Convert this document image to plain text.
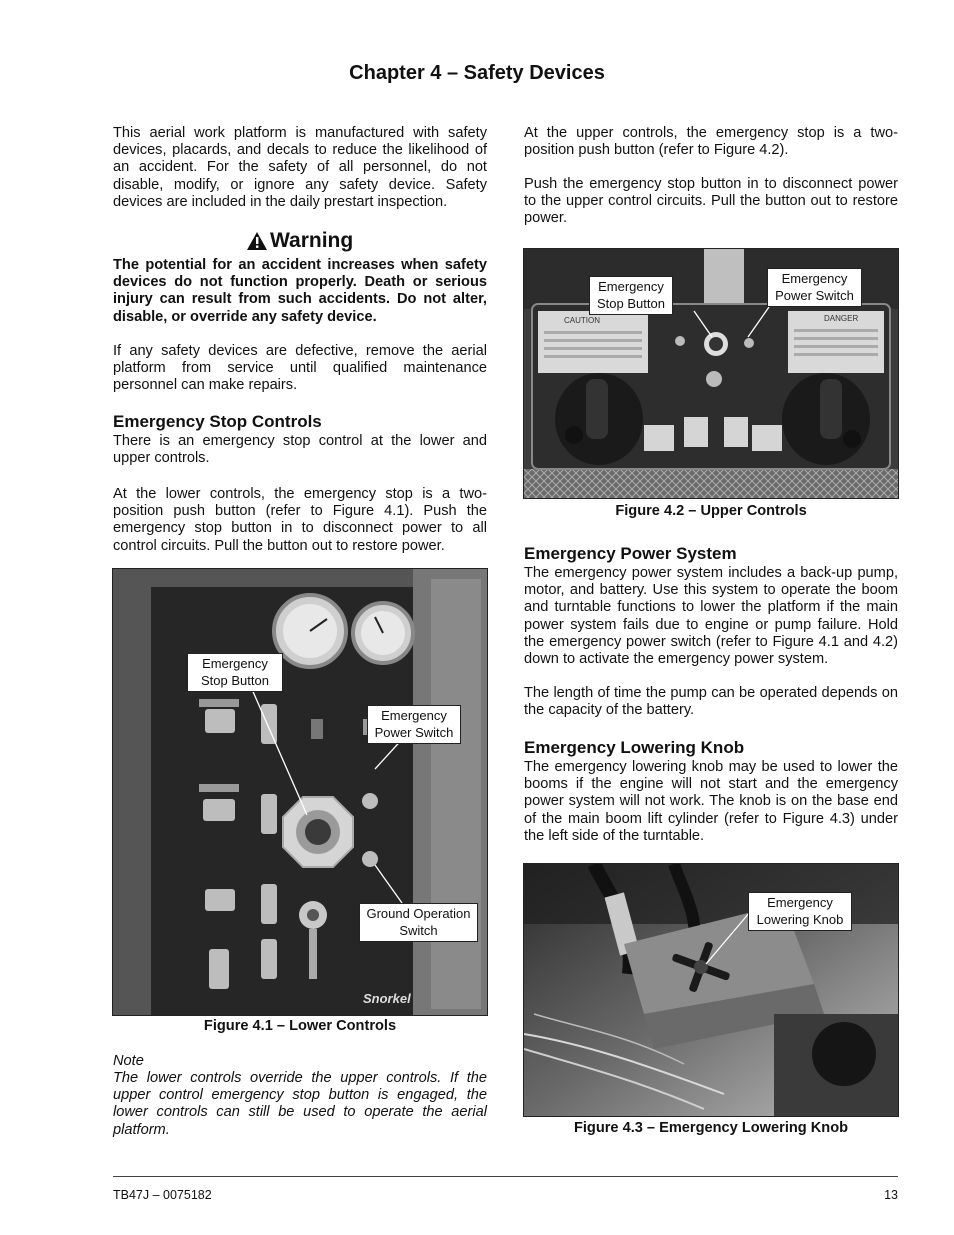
Chapter 4 – Safety Devices

This aerial work platform is manufactured with safety devices, placards, and decals to reduce the likelihood of an accident. For the safety of all personnel, do not disable, modify, or ignore any safety device. Safety devices are included in the daily prestart inspection.

Warning

The potential for an accident increases when safety devices do not function properly. Death or serious injury can result from such accidents. Do not alter, disable, or override any safety device.

If any safety devices are defective, remove the aerial platform from service until qualified maintenance personnel can make repairs.

Emergency Stop Controls

There is an emergency stop control at the lower and upper controls.

At the lower controls, the emergency stop is a two-position push button (refer to Figure 4.1). Push the emergency stop button in to disconnect power to all control circuits. Pull the button out to restore power.

Snorkel
Emergency Stop Button
Emergency Power Switch
Ground Operation Switch
Figure 4.1 – Lower Controls
Note

The lower controls override the upper controls. If the upper control emergency stop button is engaged, the lower controls can still be used to operate the aerial platform.

At the upper controls, the emergency stop is a two-position push button (refer to Figure 4.2).

Push the emergency stop button in to disconnect power to the upper control circuits. Pull the button out to restore power.

CAUTION	DANGER
Emergency Stop Button
Emergency Power Switch
Figure 4.2 – Upper Controls
Emergency Power System

The emergency power system includes a back-up pump, motor, and battery. Use this system to operate the boom and turntable functions to lower the platform if the main power system fails due to engine or pump failure. Hold the emergency power switch (refer to Figure 4.1 and 4.2) down to activate the emergency power system.

The length of time the pump can be operated depends on the capacity of the battery.

Emergency Lowering Knob

The emergency lowering knob may be used to lower the booms if the engine will not start and the emergency power system will not work. The knob is on the base end of the main boom lift cylinder (refer to Figure 4.3) under the left side of the turntable.

Emergency Lowering Knob
Figure 4.3 – Emergency Lowering Knob
TB47J – 0075182	13
